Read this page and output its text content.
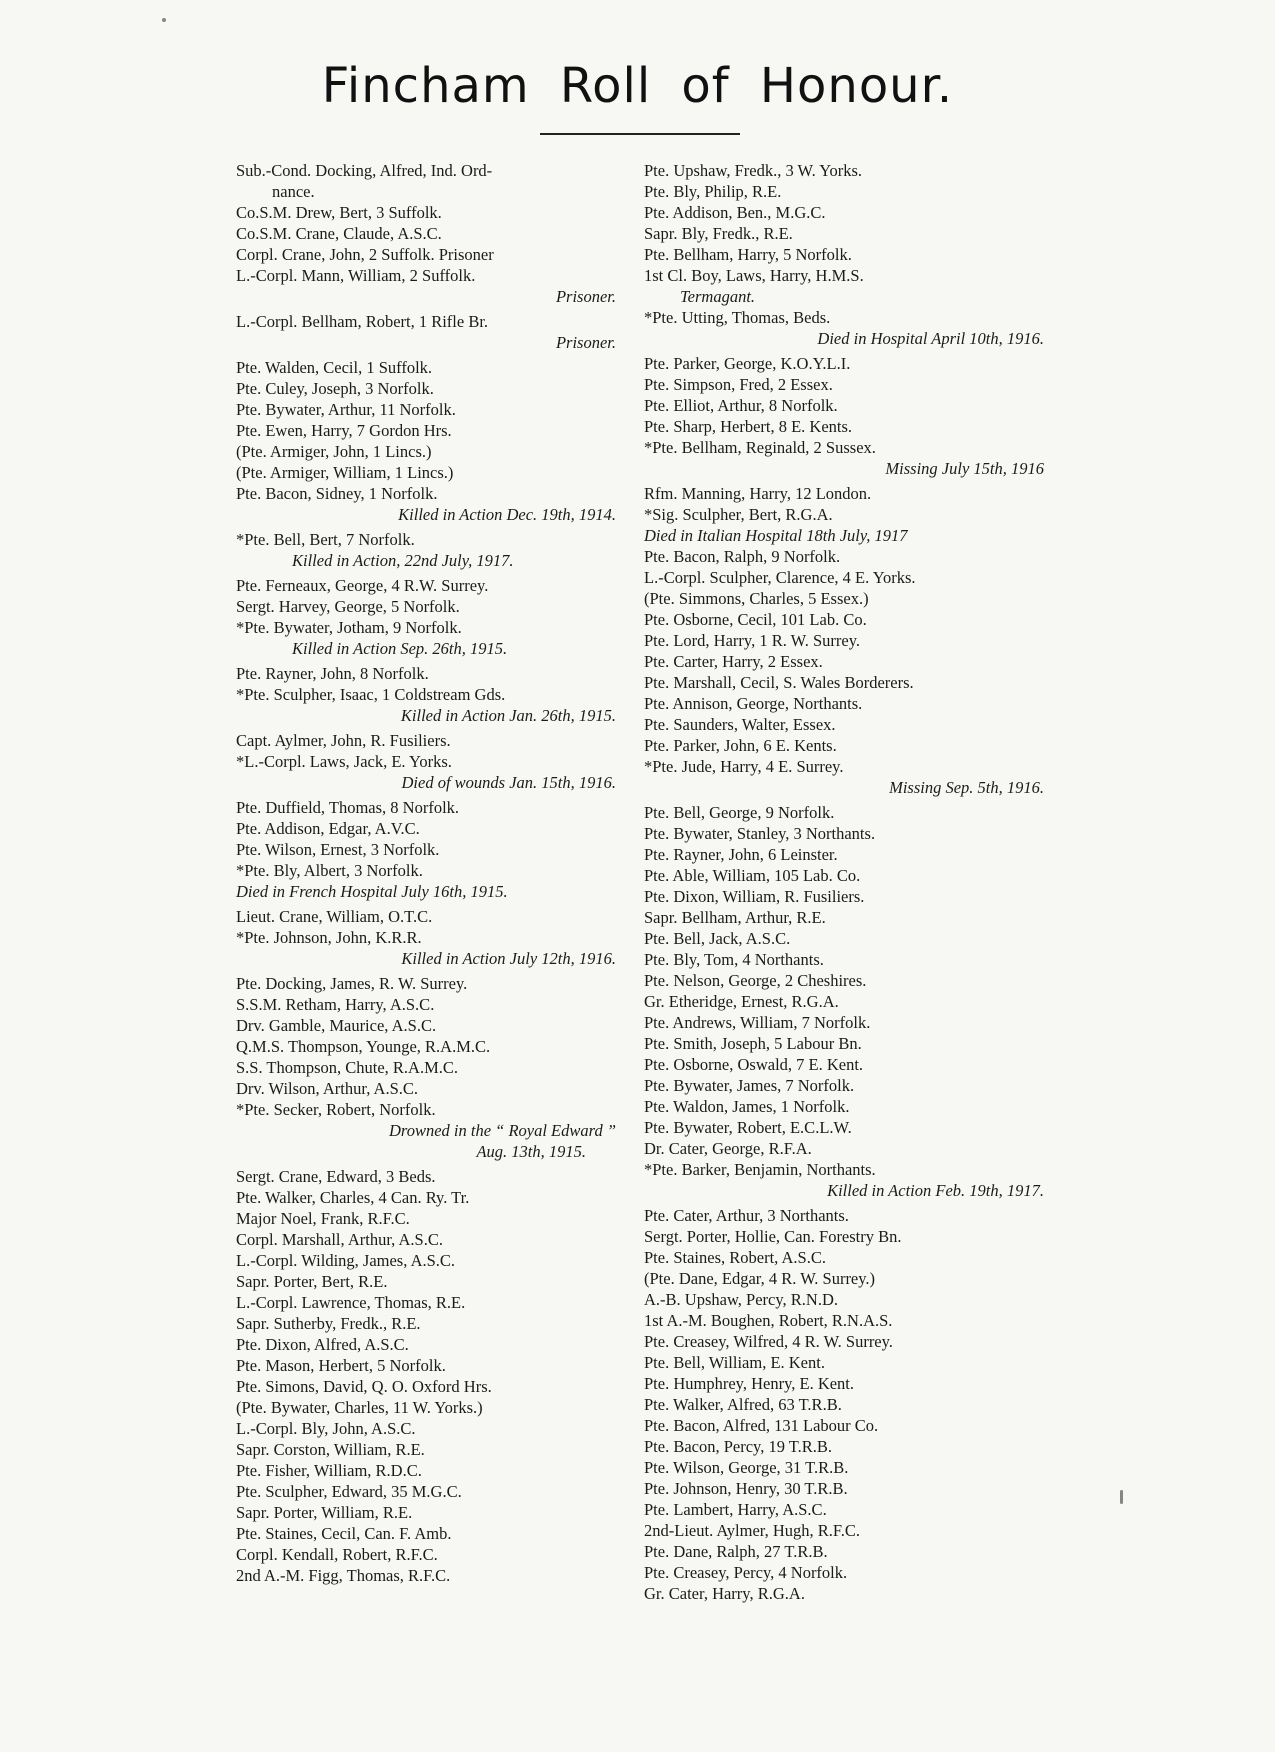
Fincham Roll of Honour.
Sub.-Cond. Docking, Alfred, Ind. Ord-
nance.
Co.S.M. Drew, Bert, 3 Suffolk.
Co.S.M. Crane, Claude, A.S.C.
Corpl. Crane, John, 2 Suffolk. Prisoner
L.-Corpl. Mann, William, 2 Suffolk.
Prisoner.
L.-Corpl. Bellham, Robert, 1 Rifle Br.
Prisoner.
Pte. Walden, Cecil, 1 Suffolk.
Pte. Culey, Joseph, 3 Norfolk.
Pte. Bywater, Arthur, 11 Norfolk.
Pte. Ewen, Harry, 7 Gordon Hrs.
(Pte. Armiger, John, 1 Lincs.)
(Pte. Armiger, William, 1 Lincs.)
Pte. Bacon, Sidney, 1 Norfolk.
Killed in Action Dec. 19th, 1914.
*Pte. Bell, Bert, 7 Norfolk.
Killed in Action, 22nd July, 1917.
Pte. Ferneaux, George, 4 R.W. Surrey.
Sergt. Harvey, George, 5 Norfolk.
*Pte. Bywater, Jotham, 9 Norfolk.
Killed in Action Sep. 26th, 1915.
Pte. Rayner, John, 8 Norfolk.
*Pte. Sculpher, Isaac, 1 Coldstream Gds.
Killed in Action Jan. 26th, 1915.
Capt. Aylmer, John, R. Fusiliers.
*L.-Corpl. Laws, Jack, E. Yorks.
Died of wounds Jan. 15th, 1916.
Pte. Duffield, Thomas, 8 Norfolk.
Pte. Addison, Edgar, A.V.C.
Pte. Wilson, Ernest, 3 Norfolk.
*Pte. Bly, Albert, 3 Norfolk.
Died in French Hospital July 16th, 1915.
Lieut. Crane, William, O.T.C.
*Pte. Johnson, John, K.R.R.
Killed in Action July 12th, 1916.
Pte. Docking, James, R. W. Surrey.
S.S.M. Retham, Harry, A.S.C.
Drv. Gamble, Maurice, A.S.C.
Q.M.S. Thompson, Younge, R.A.M.C.
S.S. Thompson, Chute, R.A.M.C.
Drv. Wilson, Arthur, A.S.C.
*Pte. Secker, Robert, Norfolk.
Drowned in the “ Royal Edward ”
Aug. 13th, 1915.
Sergt. Crane, Edward, 3 Beds.
Pte. Walker, Charles, 4 Can. Ry. Tr.
Major Noel, Frank, R.F.C.
Corpl. Marshall, Arthur, A.S.C.
L.-Corpl. Wilding, James, A.S.C.
Sapr. Porter, Bert, R.E.
L.-Corpl. Lawrence, Thomas, R.E.
Sapr. Sutherby, Fredk., R.E.
Pte. Dixon, Alfred, A.S.C.
Pte. Mason, Herbert, 5 Norfolk.
Pte. Simons, David, Q. O. Oxford Hrs.
(Pte. Bywater, Charles, 11 W. Yorks.)
L.-Corpl. Bly, John, A.S.C.
Sapr. Corston, William, R.E.
Pte. Fisher, William, R.D.C.
Pte. Sculpher, Edward, 35 M.G.C.
Sapr. Porter, William, R.E.
Pte. Staines, Cecil, Can. F. Amb.
Corpl. Kendall, Robert, R.F.C.
2nd A.-M. Figg, Thomas, R.F.C.
Pte. Upshaw, Fredk., 3 W. Yorks.
Pte. Bly, Philip, R.E.
Pte. Addison, Ben., M.G.C.
Sapr. Bly, Fredk., R.E.
Pte. Bellham, Harry, 5 Norfolk.
1st Cl. Boy, Laws, Harry, H.M.S.
Termagant.
*Pte. Utting, Thomas, Beds.
Died in Hospital April 10th, 1916.
Pte. Parker, George, K.O.Y.L.I.
Pte. Simpson, Fred, 2 Essex.
Pte. Elliot, Arthur, 8 Norfolk.
Pte. Sharp, Herbert, 8 E. Kents.
*Pte. Bellham, Reginald, 2 Sussex.
Missing July 15th, 1916
Rfm. Manning, Harry, 12 London.
*Sig. Sculpher, Bert, R.G.A.
Died in Italian Hospital 18th July, 1917
Pte. Bacon, Ralph, 9 Norfolk.
L.-Corpl. Sculpher, Clarence, 4 E. Yorks.
(Pte. Simmons, Charles, 5 Essex.)
Pte. Osborne, Cecil, 101 Lab. Co.
Pte. Lord, Harry, 1 R. W. Surrey.
Pte. Carter, Harry, 2 Essex.
Pte. Marshall, Cecil, S. Wales Borderers.
Pte. Annison, George, Northants.
Pte. Saunders, Walter, Essex.
Pte. Parker, John, 6 E. Kents.
*Pte. Jude, Harry, 4 E. Surrey.
Missing Sep. 5th, 1916.
Pte. Bell, George, 9 Norfolk.
Pte. Bywater, Stanley, 3 Northants.
Pte. Rayner, John, 6 Leinster.
Pte. Able, William, 105 Lab. Co.
Pte. Dixon, William, R. Fusiliers.
Sapr. Bellham, Arthur, R.E.
Pte. Bell, Jack, A.S.C.
Pte. Bly, Tom, 4 Northants.
Pte. Nelson, George, 2 Cheshires.
Gr. Etheridge, Ernest, R.G.A.
Pte. Andrews, William, 7 Norfolk.
Pte. Smith, Joseph, 5 Labour Bn.
Pte. Osborne, Oswald, 7 E. Kent.
Pte. Bywater, James, 7 Norfolk.
Pte. Waldon, James, 1 Norfolk.
Pte. Bywater, Robert, E.C.L.W.
Dr. Cater, George, R.F.A.
*Pte. Barker, Benjamin, Northants.
Killed in Action Feb. 19th, 1917.
Pte. Cater, Arthur, 3 Northants.
Sergt. Porter, Hollie, Can. Forestry Bn.
Pte. Staines, Robert, A.S.C.
(Pte. Dane, Edgar, 4 R. W. Surrey.)
A.-B. Upshaw, Percy, R.N.D.
1st A.-M. Boughen, Robert, R.N.A.S.
Pte. Creasey, Wilfred, 4 R. W. Surrey.
Pte. Bell, William, E. Kent.
Pte. Humphrey, Henry, E. Kent.
Pte. Walker, Alfred, 63 T.R.B.
Pte. Bacon, Alfred, 131 Labour Co.
Pte. Bacon, Percy, 19 T.R.B.
Pte. Wilson, George, 31 T.R.B.
Pte. Johnson, Henry, 30 T.R.B.
Pte. Lambert, Harry, A.S.C.
2nd-Lieut. Aylmer, Hugh, R.F.C.
Pte. Dane, Ralph, 27 T.R.B.
Pte. Creasey, Percy, 4 Norfolk.
Gr. Cater, Harry, R.G.A.
